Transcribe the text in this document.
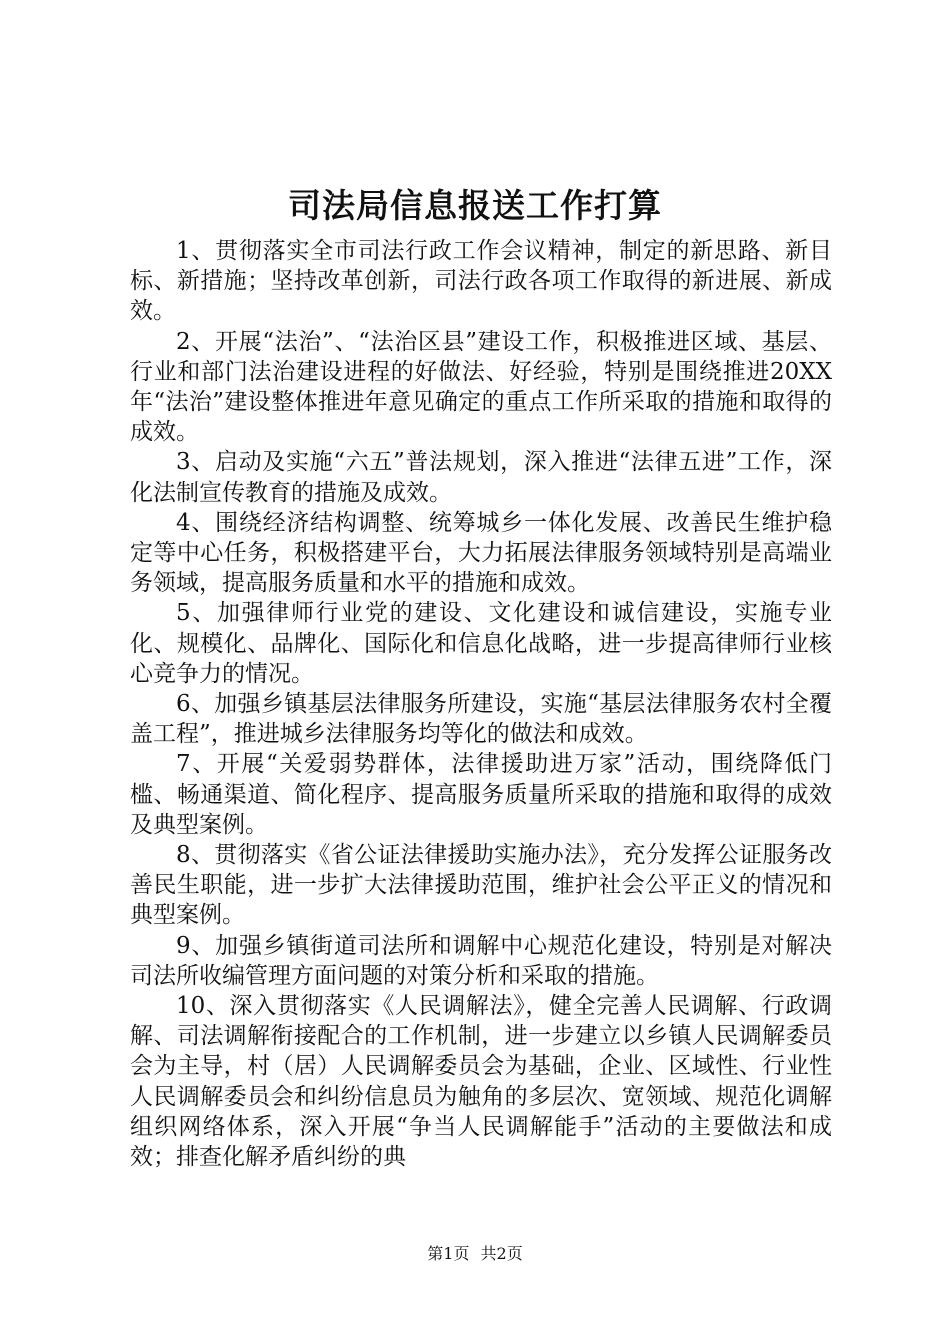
司法局信息报送工作打算

1、贯彻落实全市司法行政工作会议精神，制定的新思路、新目标、新措施；坚持改革创新，司法行政各项工作取得的新进展、新成效。

2、开展“法治”、“法治区县”建设工作，积极推进区域、基层、行业和部门法治建设进程的好做法、好经验，特别是围绕推进20XX年“法治”建设整体推进年意见确定的重点工作所采取的措施和取得的成效。

3、启动及实施“六五”普法规划，深入推进“法律五进”工作，深化法制宣传教育的措施及成效。

4、围绕经济结构调整、统筹城乡一体化发展、改善民生维护稳定等中心任务，积极搭建平台，大力拓展法律服务领域特别是高端业务领域，提高服务质量和水平的措施和成效。

5、加强律师行业党的建设、文化建设和诚信建设，实施专业化、规模化、品牌化、国际化和信息化战略，进一步提高律师行业核心竞争力的情况。

6、加强乡镇基层法律服务所建设，实施“基层法律服务农村全覆盖工程”，推进城乡法律服务均等化的做法和成效。

7、开展“关爱弱势群体，法律援助进万家”活动，围绕降低门槛、畅通渠道、简化程序、提高服务质量所采取的措施和取得的成效及典型案例。

8、贯彻落实《省公证法律援助实施办法》，充分发挥公证服务改善民生职能，进一步扩大法律援助范围，维护社会公平正义的情况和典型案例。

9、加强乡镇街道司法所和调解中心规范化建设，特别是对解决司法所收编管理方面问题的对策分析和采取的措施。

10、深入贯彻落实《人民调解法》，健全完善人民调解、行政调解、司法调解衔接配合的工作机制，进一步建立以乡镇人民调解委员会为主导，村（居）人民调解委员会为基础，企业、区域性、行业性人民调解委员会和纠纷信息员为触角的多层次、宽领域、规范化调解组织网络体系，深入开展“争当人民调解能手”活动的主要做法和成效；排查化解矛盾纠纷的典

第1页 共2页
